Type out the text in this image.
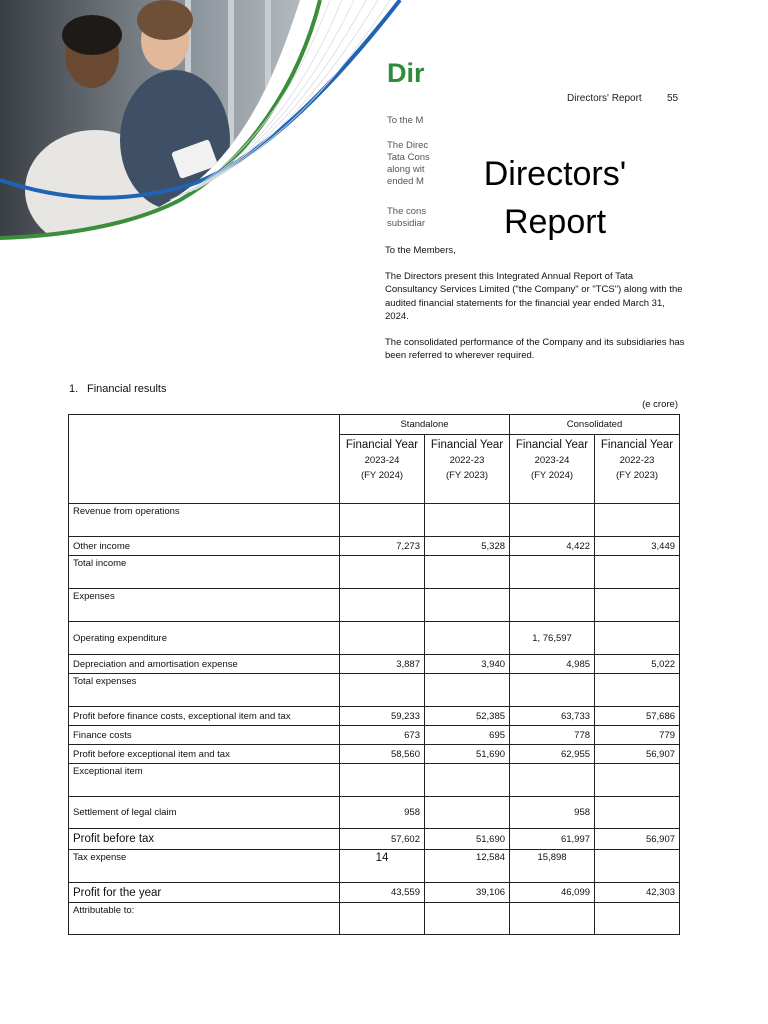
Dir
To the M
The Direc
Tata Cons
along wit
ended M
The cons
subsidiar
Directors' Report	55
Directors'
Report

To the Members,

The Directors present this Integrated Annual Report of Tata Consultancy Services Limited ("the Company" or "TCS") along with the audited financial statements for the financial year ended March 31, 2024.

The consolidated performance of the Company and its subsidiaries has been referred to wherever required.

1. Financial results
(e crore)
	Standalone		Consolidated	

	Financial Year
2023-24
(FY 2024)	Financial Year
2022-23
(FY 2023)	Financial Year
2023-24
(FY 2024)	Financial Year
2022-23
(FY 2023)

Revenue from operations				
Other income	7,273	5,328	4,422	3,449
Total income				
Expenses				
Operating expenditure			1, 76,597	
Depreciation and amortisation expense	3,887	3,940	4,985	5,022
Total expenses				
Profit before finance costs, exceptional item and tax	59,233	52,385	63,733	57,686
Finance costs	673	695	778	779
Profit before exceptional item and tax	58,560	51,690	62,955	56,907
Exceptional item				
Settlement of legal claim	958		958	
Profit before tax	57,602	51,690	61,997	56,907
Tax expense	14	12,584	15,898	
Profit for the year	43,559	39,106	46,099	42,303
Attributable to:				
